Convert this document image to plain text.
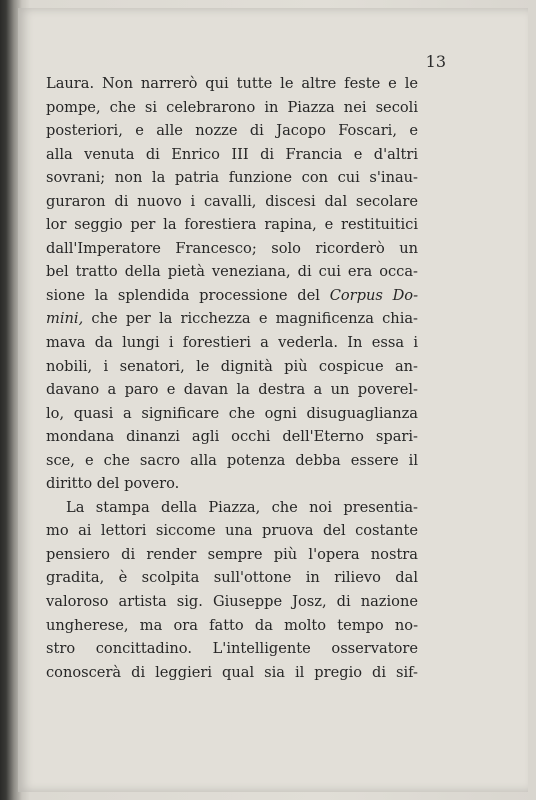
13
Laura. Non narrerò qui tutte le altre feste e le
pompe, che si celebrarono in Piazza nei secoli
posteriori, e alle nozze di Jacopo Foscari, e
alla venuta di Enrico III di Francia e d'altri
sovrani; non la patria funzione con cui s'inau-
guraron di nuovo i cavalli, discesi dal secolare
lor seggio per la forestiera rapina, e restituitici
dall'Imperatore Francesco; solo ricorderò un
bel tratto della pietà veneziana, di cui era occa-
sione la splendida processione del Corpus Do-
mini, che per la ricchezza e magnificenza chia-
mava da lungi i forestieri a vederla. In essa i
nobili, i senatori, le dignità più cospicue an-
davano a paro e davan la destra a un poverel-
lo, quasi a significare che ogni disuguaglianza
mondana dinanzi agli occhi dell'Eterno spari-
sce, e che sacro alla potenza debba essere il
diritto del povero.
La stampa della Piazza, che noi presentia-
mo ai lettori siccome una pruova del costante
pensiero di render sempre più l'opera nostra
gradita, è scolpita sull'ottone in rilievo dal
valoroso artista sig. Giuseppe Josz, di nazione
ungherese, ma ora fatto da molto tempo no-
stro concittadino. L'intelligente osservatore
conoscerà di leggieri qual sia il pregio di sif-
